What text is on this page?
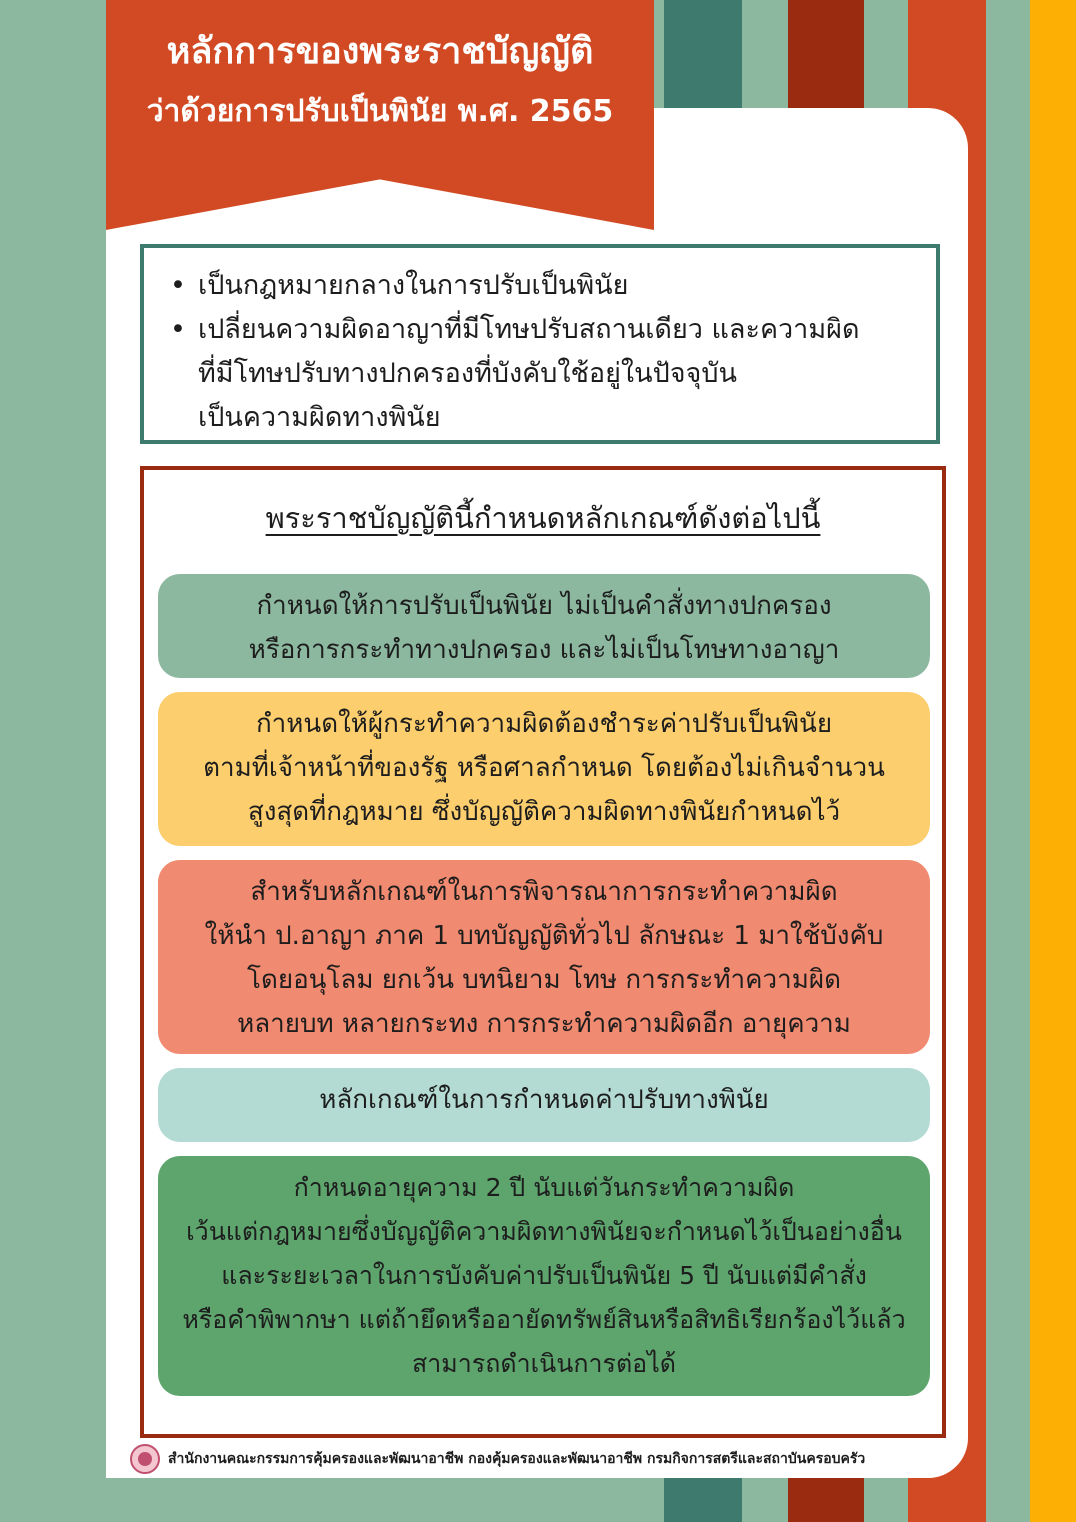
หลักการของพระราชบัญญัติ
ว่าด้วยการปรับเป็นพินัย พ.ศ. 2565
• เป็นกฎหมายกลางในการปรับเป็นพินัย
• เปลี่ยนความผิดอาญาที่มีโทษปรับสถานเดียว และความผิด
ที่มีโทษปรับทางปกครองที่บังคับใช้อยู่ในปัจจุบัน
เป็นความผิดทางพินัย
พระราชบัญญัตินี้กำหนดหลักเกณฑ์ดังต่อไปนี้
กำหนดให้การปรับเป็นพินัย ไม่เป็นคำสั่งทางปกครอง
หรือการกระทำทางปกครอง และไม่เป็นโทษทางอาญา
กำหนดให้ผู้กระทำความผิดต้องชำระค่าปรับเป็นพินัย
ตามที่เจ้าหน้าที่ของรัฐ หรือศาลกำหนด โดยต้องไม่เกินจำนวน
สูงสุดที่กฎหมาย ซึ่งบัญญัติความผิดทางพินัยกำหนดไว้
สำหรับหลักเกณฑ์ในการพิจารณาการกระทำความผิด
ให้นำ ป.อาญา ภาค 1 บทบัญญัติทั่วไป ลักษณะ 1 มาใช้บังคับ
โดยอนุโลม ยกเว้น บทนิยาม โทษ การกระทำความผิด
หลายบท หลายกระทง การกระทำความผิดอีก อายุความ
หลักเกณฑ์ในการกำหนดค่าปรับทางพินัย
กำหนดอายุความ 2 ปี นับแต่วันกระทำความผิด
เว้นแต่กฎหมายซึ่งบัญญัติความผิดทางพินัยจะกำหนดไว้เป็นอย่างอื่น
และระยะเวลาในการบังคับค่าปรับเป็นพินัย 5 ปี นับแต่มีคำสั่ง
หรือคำพิพากษา แต่ถ้ายึดหรืออายัดทรัพย์สินหรือสิทธิเรียกร้องไว้แล้ว
สามารถดำเนินการต่อได้
สำนักงานคณะกรรมการคุ้มครองและพัฒนาอาชีพ กองคุ้มครองและพัฒนาอาชีพ กรมกิจการสตรีและสถาบันครอบครัว
